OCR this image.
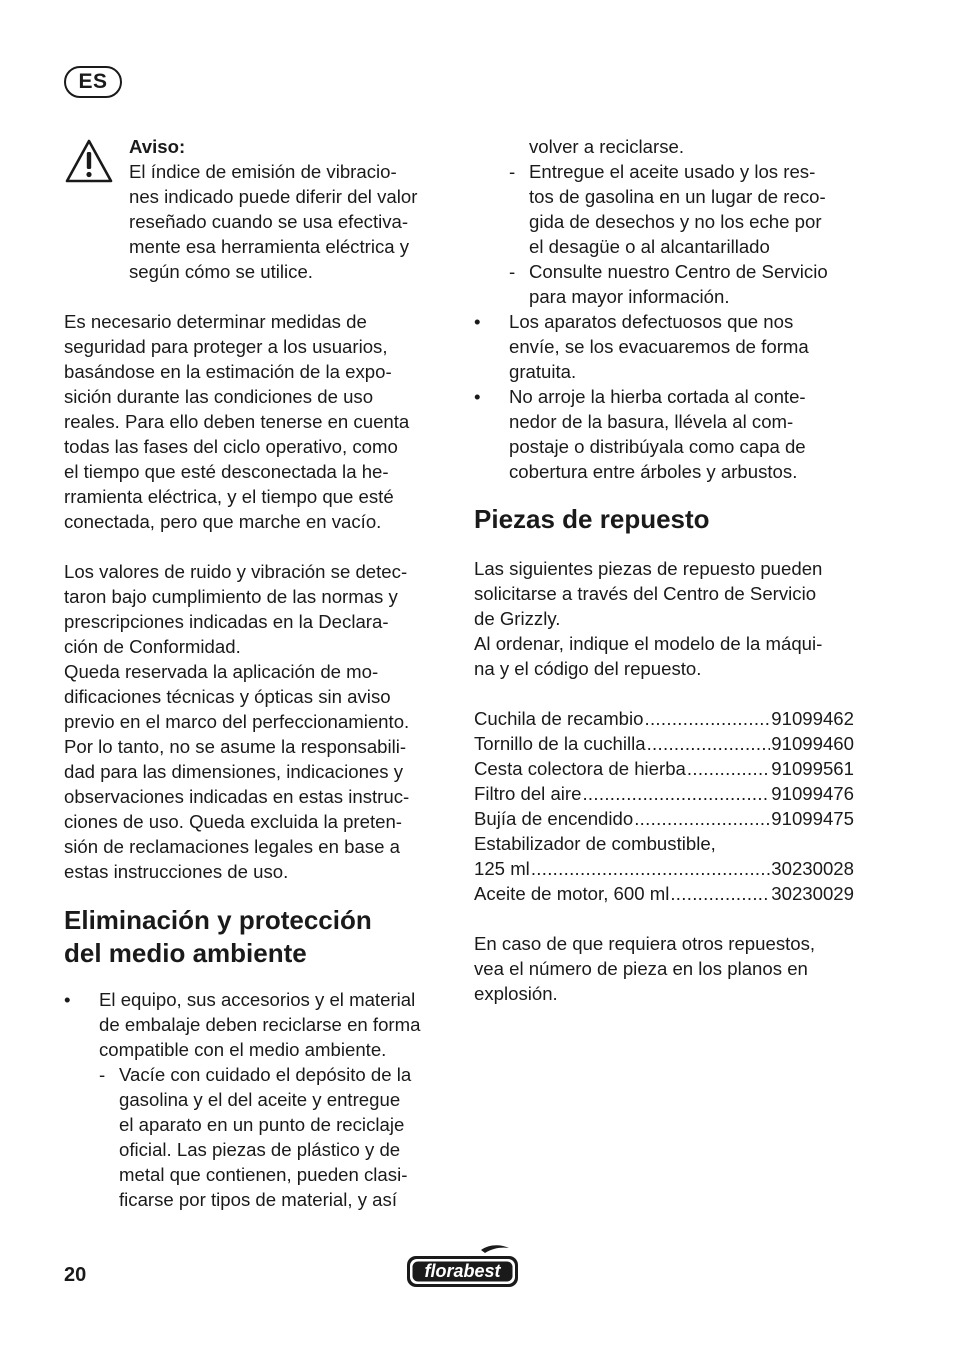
ES
Aviso:
El índice de emisión de vibracio-
nes indicado puede diferir del valor
reseñado cuando se usa efectiva-
mente esa herramienta eléctrica y
según cómo se utilice.
Es necesario determinar medidas de
seguridad para proteger a los usuarios,
basándose en la estimación de la expo-
sición durante las condiciones de uso
reales. Para ello deben tenerse en cuenta
todas las fases del ciclo operativo, como
el tiempo que esté desconectada la he-
rramienta eléctrica, y el tiempo que esté
conectada, pero que marche en vacío.
Los valores de ruido y vibración se detec-
taron bajo cumplimiento de las normas y
prescripciones indicadas en la Declara-
ción de Conformidad.
Queda reservada la aplicación de mo-
dificaciones técnicas y ópticas sin aviso
previo en el marco del perfeccionamiento.
Por lo tanto, no se asume la responsabili-
dad para las dimensiones, indicaciones y
observaciones indicadas en estas instruc-
ciones de uso. Queda excluida la preten-
sión de reclamaciones legales en base a
estas instrucciones de uso.
Eliminación y protección
del medio ambiente
• El equipo, sus accesorios y el material
de embalaje deben reciclarse en forma
compatible con el medio ambiente.
- Vacíe con cuidado el depósito de la
gasolina y el del aceite y entregue
el aparato en un punto de reciclaje
oficial. Las piezas de plástico y de
metal que contienen, pueden clasi-
ficarse por tipos de material, y así
volver a reciclarse.
- Entregue el aceite usado y los res-
tos de gasolina en un lugar de reco-
gida de desechos y no los eche por
el desagüe o al alcantarillado
- Consulte nuestro Centro de Servicio
para mayor información.
• Los aparatos defectuosos que nos
envíe, se los evacuaremos de forma
gratuita.
• No arroje la hierba cortada al conte-
nedor de la basura, llévela al com-
postaje o distribúyala como capa de
cobertura entre árboles y arbustos.
Piezas de repuesto
Las siguientes piezas de repuesto pueden
solicitarse a través del Centro de Servicio
de Grizzly.
Al ordenar, indique el modelo de la máqui-
na y el código del repuesto.
Cuchila de recambio .....	91099462
Tornillo de la cuchilla .....	91099460
Cesta colectora de hierba .....	91099561
Filtro del aire .....	91099476
Bujía de encendido .....	91099475
Estabilizador de combustible,
125 ml .....	30230028
Aceite de motor, 600 ml .....	30230029
En caso de que requiera otros repuestos,
vea el número de pieza en los planos en
explosión.
20	florabest
